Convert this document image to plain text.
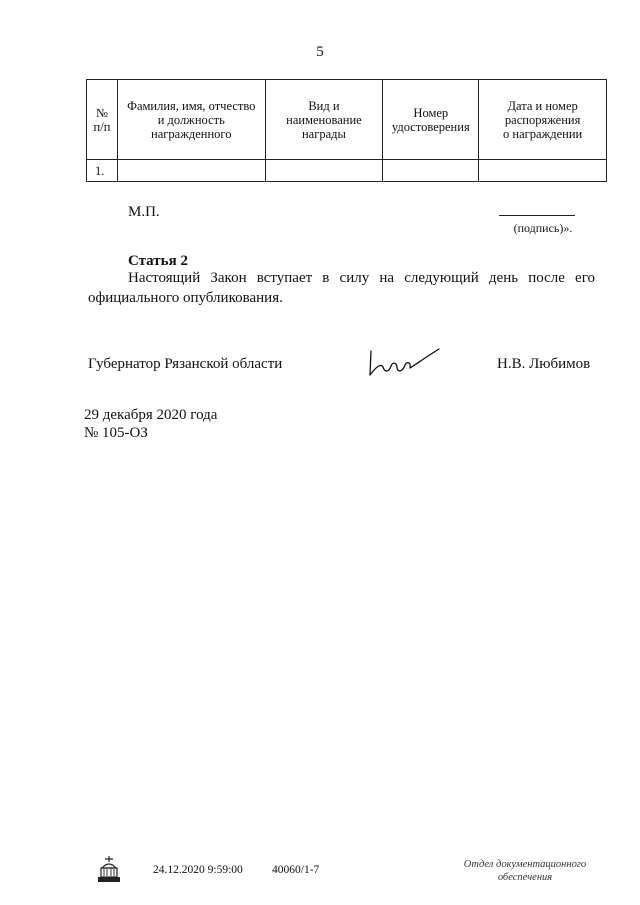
5
№
п/п	Фамилия, имя, отчество
и должность
награжденного	Вид и
наименование
награды	Номер
удостоверения	Дата и номер
распоряжения
о награждении

1.				
М.П.
(подпись)».
Статья 2
Настоящий Закон вступает в силу на следующий день после его официального опубликования.
Губернатор Рязанской области	Н.В. Любимов
29 декабря 2020 года
№ 105-ОЗ
24.12.2020 9:59:00	40060/1-7	Отдел документационного
обеспечения
